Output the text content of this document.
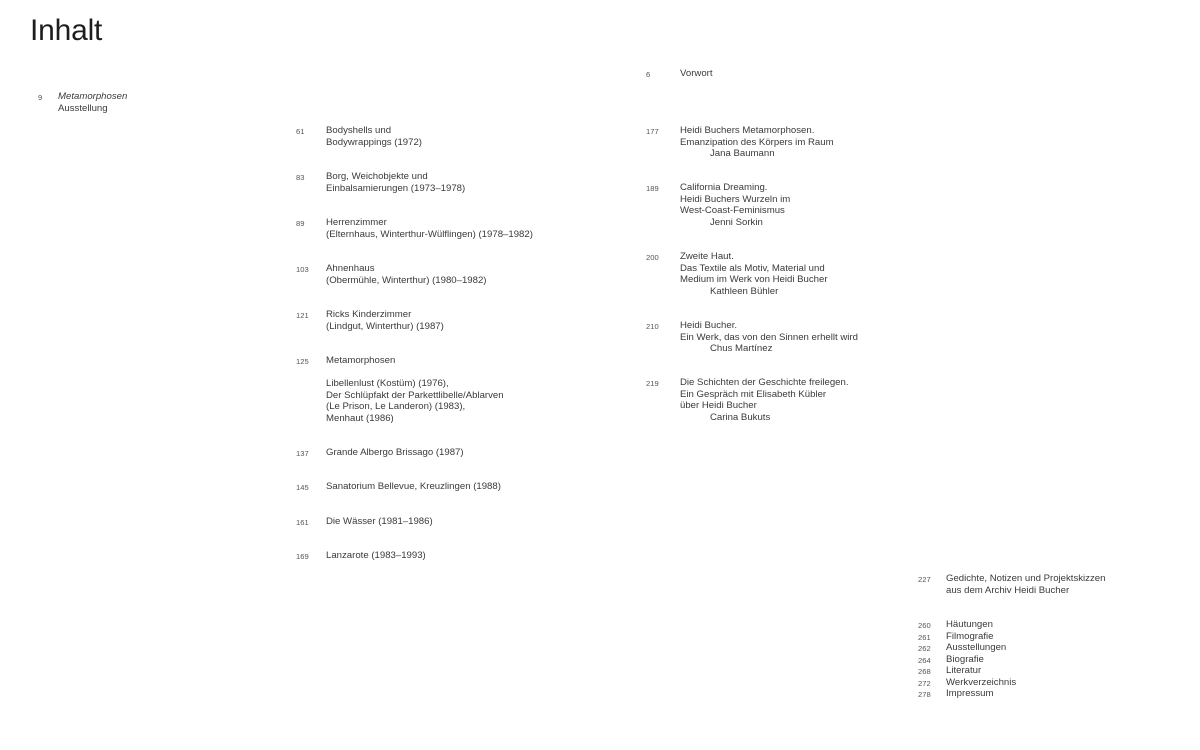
Inhalt
9 Metamorphosen
Ausstellung
61 Bodyshells und
Bodywrappings (1972)
83 Borg, Weichobjekte und
Einbalsamierungen (1973–1978)
89 Herrenzimmer
(Elternhaus, Winterthur-Wülflingen) (1978–1982)
103 Ahnenhaus
(Obermühle, Winterthur) (1980–1982)
121 Ricks Kinderzimmer
(Lindgut, Winterthur) (1987)
125 Metamorphosen
Libellenlust (Kostüm) (1976),
Der Schlüpfakt der Parkettlibelle/Ablarven
(Le Prison, Le Landeron) (1983),
Menhaut (1986)
137 Grande Albergo Brissago (1987)
145 Sanatorium Bellevue, Kreuzlingen (1988)
161 Die Wässer (1981–1986)
169 Lanzarote (1983–1993)
6	Vorwort
177 Heidi Buchers Metamorphosen.
Emanzipation des Körpers im Raum
Jana Baumann
189 California Dreaming.
Heidi Buchers Wurzeln im
West-Coast-Feminismus
Jenni Sorkin
200 Zweite Haut.
Das Textile als Motiv, Material und
Medium im Werk von Heidi Bucher
Kathleen Bühler
210 Heidi Bucher.
Ein Werk, das von den Sinnen erhellt wird
Chus Martínez
219 Die Schichten der Geschichte freilegen.
Ein Gespräch mit Elisabeth Kübler
über Heidi Bucher
Carina Bukuts
227 Gedichte, Notizen und Projektskizzen
aus dem Archiv Heidi Bucher
260 Häutungen
261 Filmografie
262 Ausstellungen
264 Biografie
268 Literatur
272 Werkverzeichnis
278 Impressum
